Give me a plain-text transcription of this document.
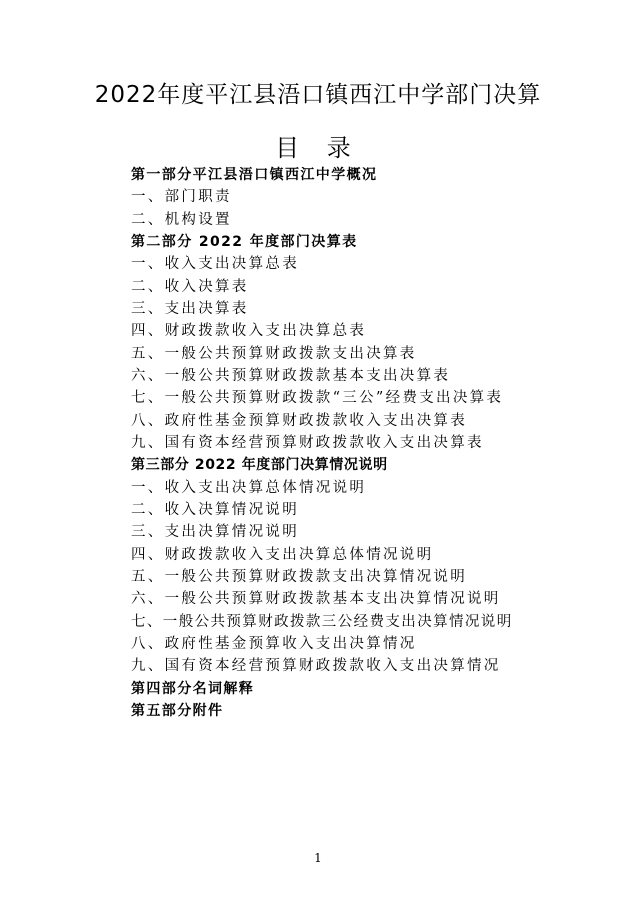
2022年度平江县浯口镇西江中学部门决算
目 录
第一部分平江县浯口镇西江中学概况
一、部门职责
二、机构设置
第二部分 2022 年度部门决算表
一、收入支出决算总表
二、收入决算表
三、支出决算表
四、财政拨款收入支出决算总表
五、一般公共预算财政拨款支出决算表
六、一般公共预算财政拨款基本支出决算表
七、一般公共预算财政拨款“三公”经费支出决算表
八、政府性基金预算财政拨款收入支出决算表
九、国有资本经营预算财政拨款收入支出决算表
第三部分 2022 年度部门决算情况说明
一、收入支出决算总体情况说明
二、收入决算情况说明
三、支出决算情况说明
四、财政拨款收入支出决算总体情况说明
五、一般公共预算财政拨款支出决算情况说明
六、一般公共预算财政拨款基本支出决算情况说明
七、一般公共预算财政拨款三公经费支出决算情况说明
八、政府性基金预算收入支出决算情况
九、国有资本经营预算财政拨款收入支出决算情况
第四部分名词解释
第五部分附件
1
